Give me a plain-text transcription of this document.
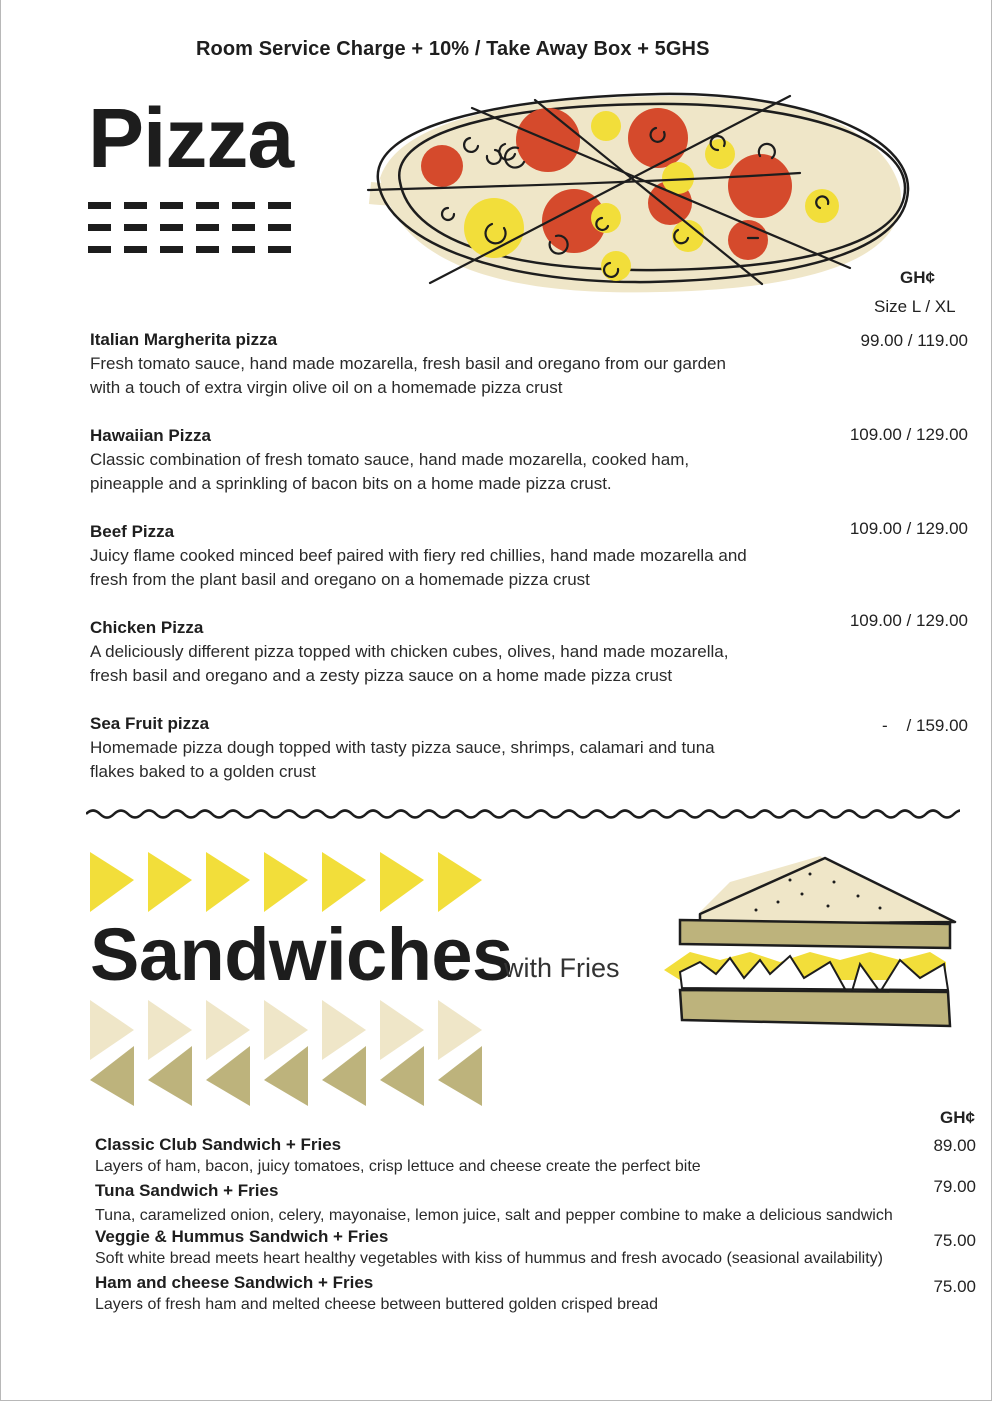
Room Service Charge + 10% / Take Away Box + 5GHS
Pizza
GH¢
Size L / XL
Italian Margherita pizza
Fresh tomato sauce, hand made mozarella, fresh basil and oregano from our garden
with a touch of extra virgin olive oil on a homemade pizza crust
99.00 / 119.00
Hawaiian Pizza
Classic combination of fresh tomato sauce, hand made mozarella, cooked ham,
pineapple and a sprinkling of bacon bits on a home made pizza crust.
109.00 / 129.00
Beef Pizza
Juicy flame cooked minced beef paired with fiery red chillies, hand made mozarella and
fresh from the plant basil and oregano on a homemade pizza crust
109.00 / 129.00
Chicken Pizza
A deliciously different pizza topped with chicken cubes, olives, hand made mozarella,
fresh basil and oregano and a zesty pizza sauce on a home made pizza crust
109.00 / 129.00
Sea Fruit pizza
Homemade pizza dough topped with tasty pizza sauce, shrimps, calamari and tuna
flakes baked to a golden crust
-    / 159.00
Sandwiches
with Fries
GH¢
Classic Club Sandwich + Fries
Layers of ham, bacon, juicy tomatoes, crisp lettuce and cheese create the perfect bite
89.00
Tuna Sandwich + Fries
Tuna, caramelized onion, celery, mayonaise, lemon juice, salt and pepper combine to make a delicious sandwich
79.00
Veggie & Hummus Sandwich + Fries
Soft white bread meets heart healthy vegetables with kiss of hummus and fresh avocado (seasional availability)
75.00
Ham and cheese Sandwich + Fries
Layers of fresh ham and melted cheese between buttered golden crisped bread
75.00
